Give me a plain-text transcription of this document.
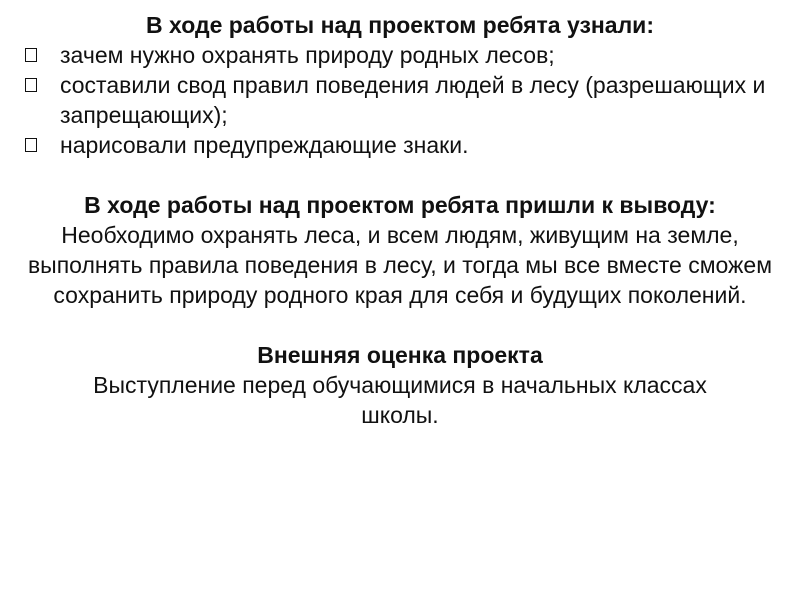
В ходе работы над проектом ребята узнали:

зачем нужно охранять природу родных лесов;
составили свод правил поведения людей в лесу (разрешающих и запрещающих);
нарисовали предупреждающие знаки.

В ходе работы над проектом ребята пришли к выводу:

Необходимо охранять леса, и всем людям, живущим на земле, выполнять правила поведения в лесу, и тогда мы все вместе сможем сохранить природу родного края для себя и будущих поколений.

Внешняя оценка проекта

Выступление перед обучающимися в начальных классах школы.
